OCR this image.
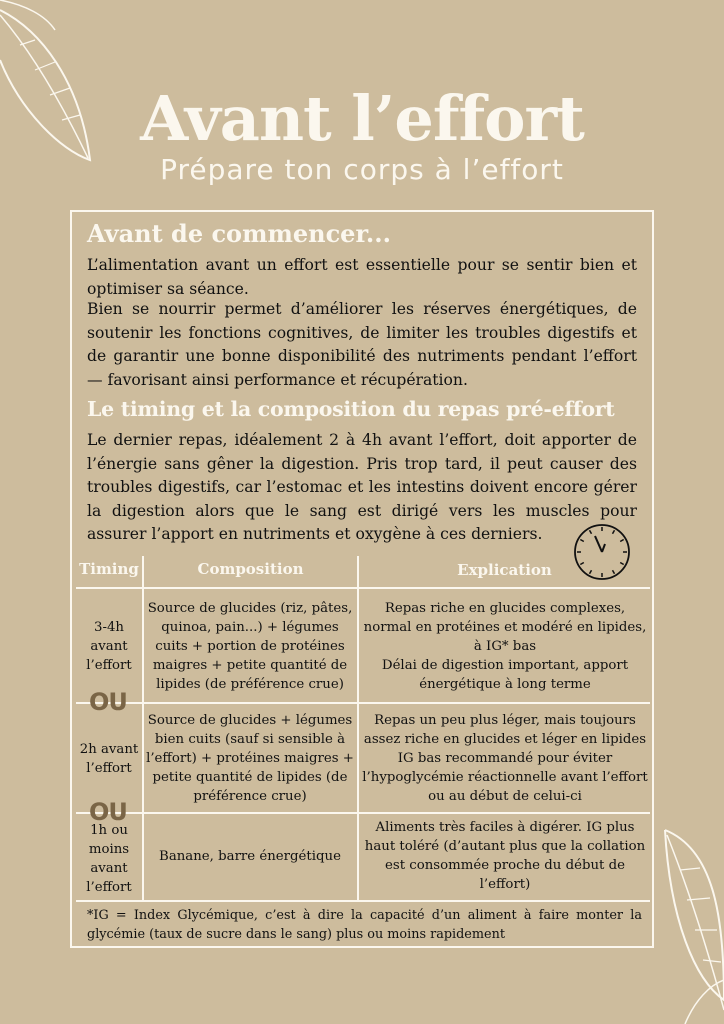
Avant l’effort
Prépare ton corps à l’effort
Avant de commencer...

L’alimentation avant un effort est essentielle pour se sentir bien et optimiser sa séance.

Bien se nourrir permet d’améliorer les réserves énergétiques, de soutenir les fonctions cognitives, de limiter les troubles digestifs et de garantir une bonne disponibilité des nutriments pendant l’effort — favorisant ainsi performance et récupération.

Le timing et la composition du repas pré-effort

Le dernier repas, idéalement 2 à 4h avant l’effort, doit apporter de l’énergie sans gêner la digestion. Pris trop tard, il peut causer des troubles digestifs, car l’estomac et les intestins doivent encore gérer la digestion alors que le sang est dirigé vers les muscles pour assurer l’apport en nutriments et oxygène à ces derniers.

Timing	Composition	Explication
3-4h avant l’effort
Source de glucides (riz, pâtes, quinoa, pain...) + légumes cuits + portion de protéines maigres + petite quantité de lipides (de préférence crue)
Repas riche en glucides complexes, normal en protéines et modéré en lipides, à IG* bas
Délai de digestion important, apport énergétique à long terme
OU
2h avant l’effort
Source de glucides + légumes bien cuits (sauf si sensible à l’effort) + protéines maigres + petite quantité de lipides (de préférence crue)
Repas un peu plus léger, mais toujours assez riche en glucides et léger en lipides IG bas recommandé pour éviter l’hypoglycémie réactionnelle avant l’effort ou au début de celui-ci
OU
1h ou moins avant l’effort
Banane, barre énergétique
Aliments très faciles à digérer. IG plus haut toléré (d’autant plus que la collation est consommée proche du début de l’effort)

*IG = Index Glycémique, c’est à dire la capacité d’un aliment à faire monter la glycémie (taux de sucre dans le sang) plus ou moins rapidement
